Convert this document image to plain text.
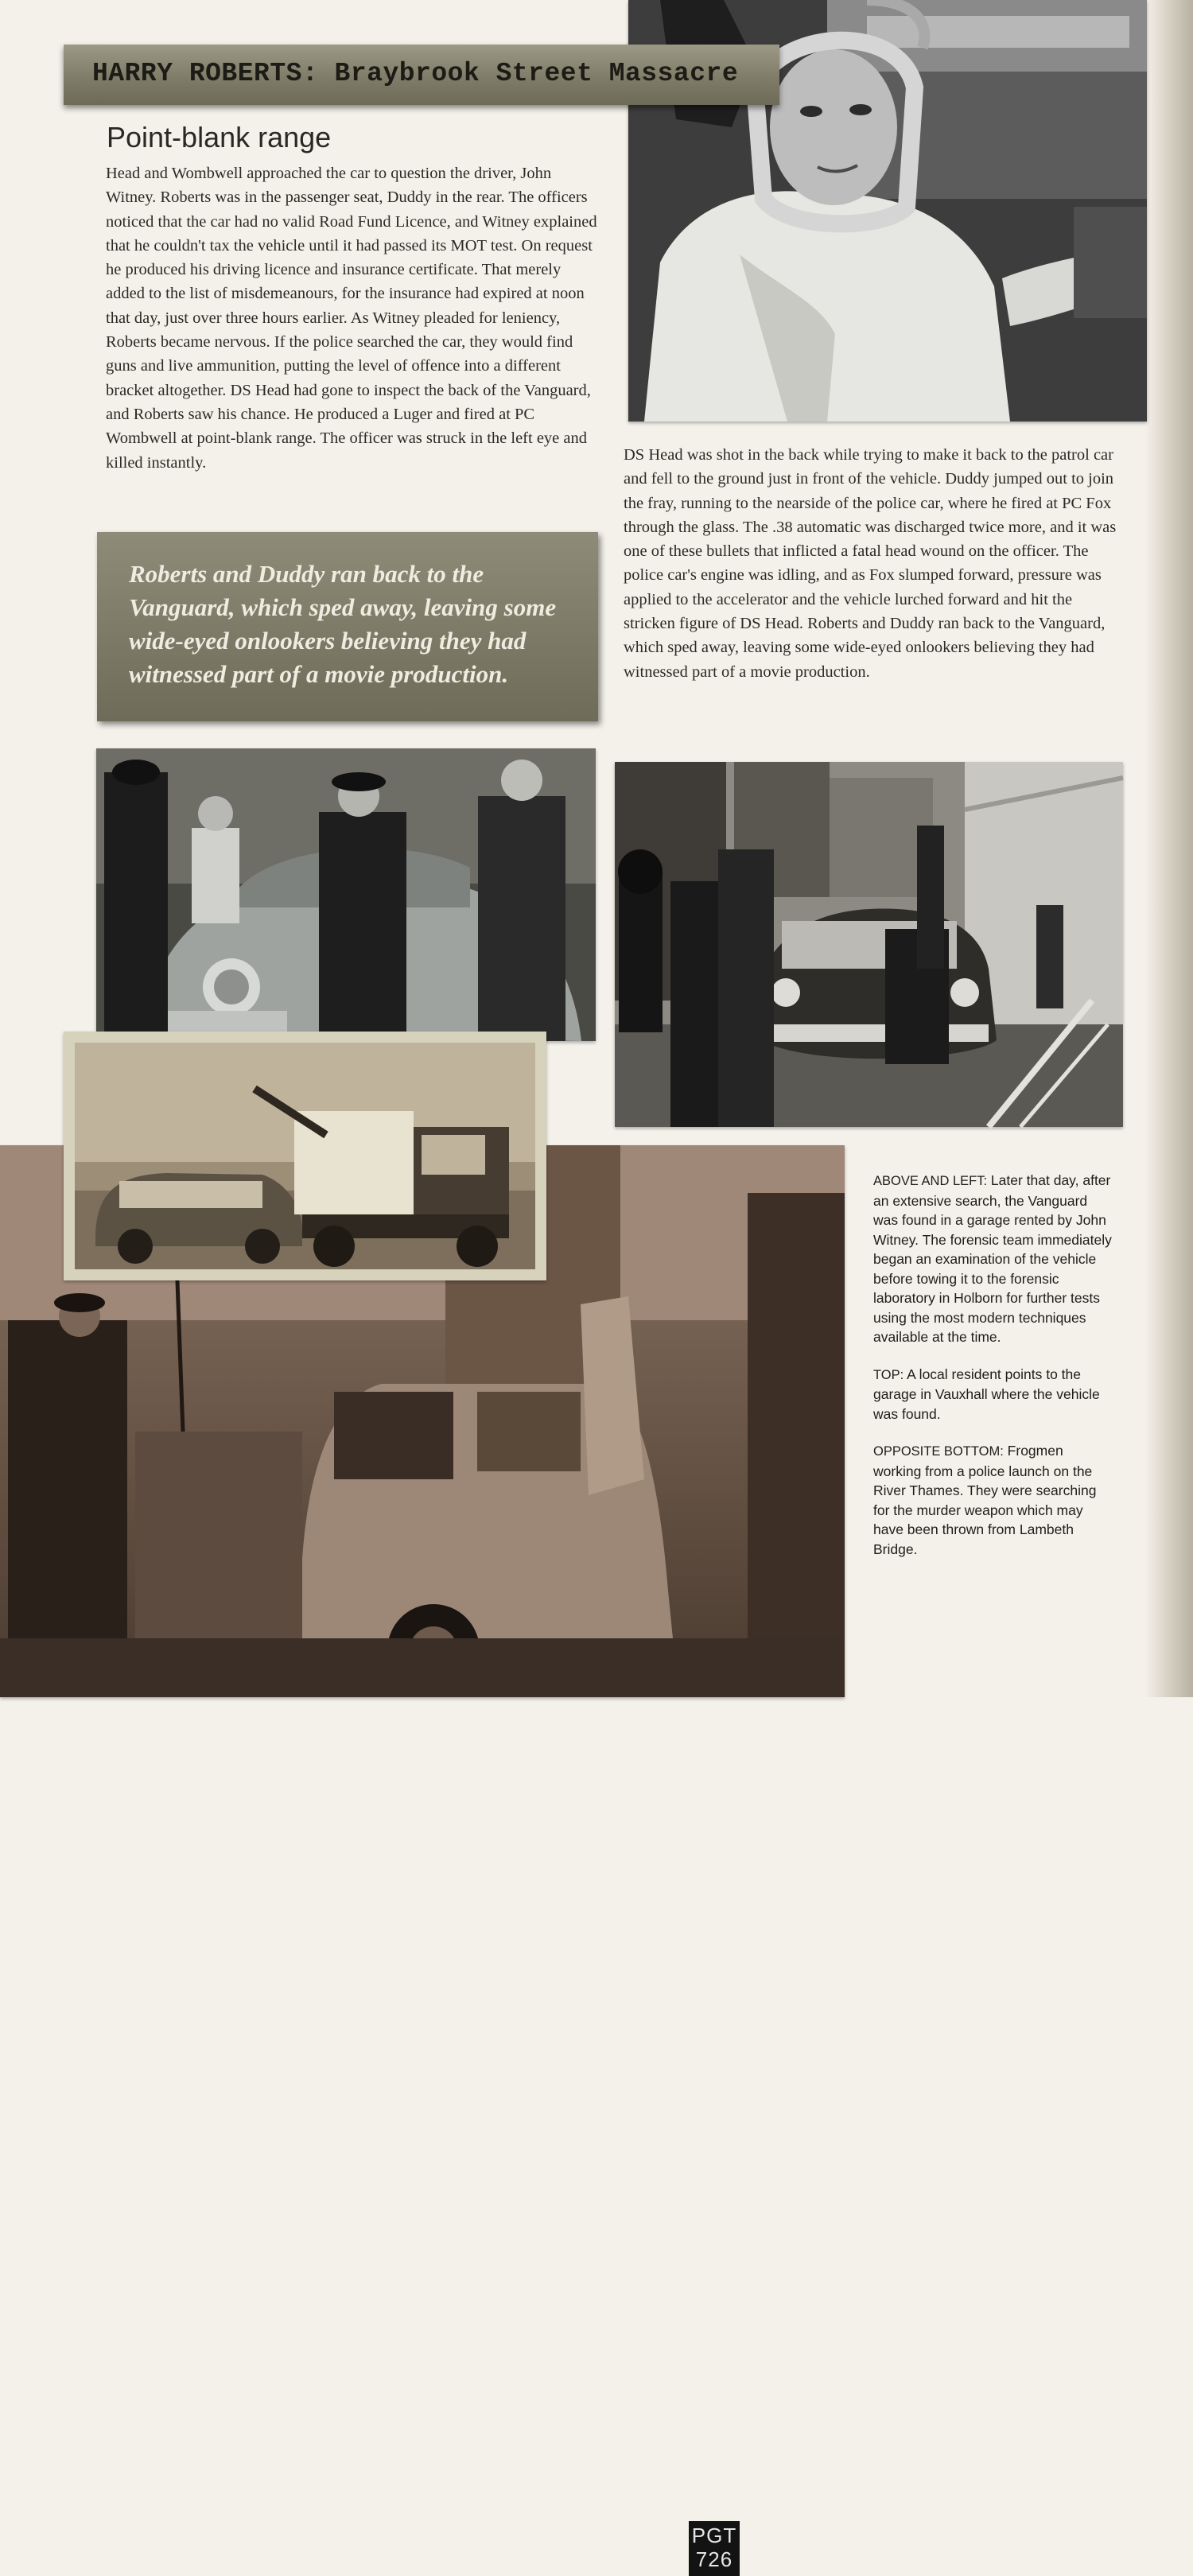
HARRY ROBERTS: Braybrook Street Massacre
Point-blank range
Head and Wombwell approached the car to question the driver, John Witney. Roberts was in the passenger seat, Duddy in the rear. The officers noticed that the car had no valid Road Fund Licence, and Witney explained that he couldn't tax the vehicle until it had passed its MOT test. On request he produced his driving licence and insurance certificate. That merely added to the list of misdemeanours, for the insurance had expired at noon that day, just over three hours earlier. As Witney pleaded for leniency, Roberts became nervous. If the police searched the car, they would find guns and live ammunition, putting the level of offence into a different bracket altogether. DS Head had gone to inspect the back of the Vanguard, and Roberts saw his chance. He produced a Luger and fired at PC Wombwell at point-blank range. The officer was struck in the left eye and killed instantly.
Roberts and Duddy ran back to the Vanguard, which sped away, leaving some wide-eyed onlookers believing they had witnessed part of a movie production.
DS Head was shot in the back while trying to make it back to the patrol car and fell to the ground just in front of the vehicle. Duddy jumped out to join the fray, running to the nearside of the police car, where he fired at PC Fox through the glass. The .38 automatic was discharged twice more, and it was one of these bullets that inflicted a fatal head wound on the officer. The police car's engine was idling, and as Fox slumped forward, pressure was applied to the accelerator and the vehicle lurched forward and hit the stricken figure of DS Head. Roberts and Duddy ran back to the Vanguard, which sped away, leaving some wide-eyed onlookers believing they had witnessed part of a movie production.
PGT
726

ABOVE AND LEFT: Later that day, after an extensive search, the Vanguard was found in a garage rented by John Witney. The forensic team immediately began an examination of the vehicle before towing it to the forensic laboratory in Holborn for further tests using the most modern techniques available at the time.

TOP: A local resident points to the garage in Vauxhall where the vehicle was found.

OPPOSITE BOTTOM: Frogmen working from a police launch on the River Thames. They were searching for the murder weapon which may have been thrown from Lambeth Bridge.
